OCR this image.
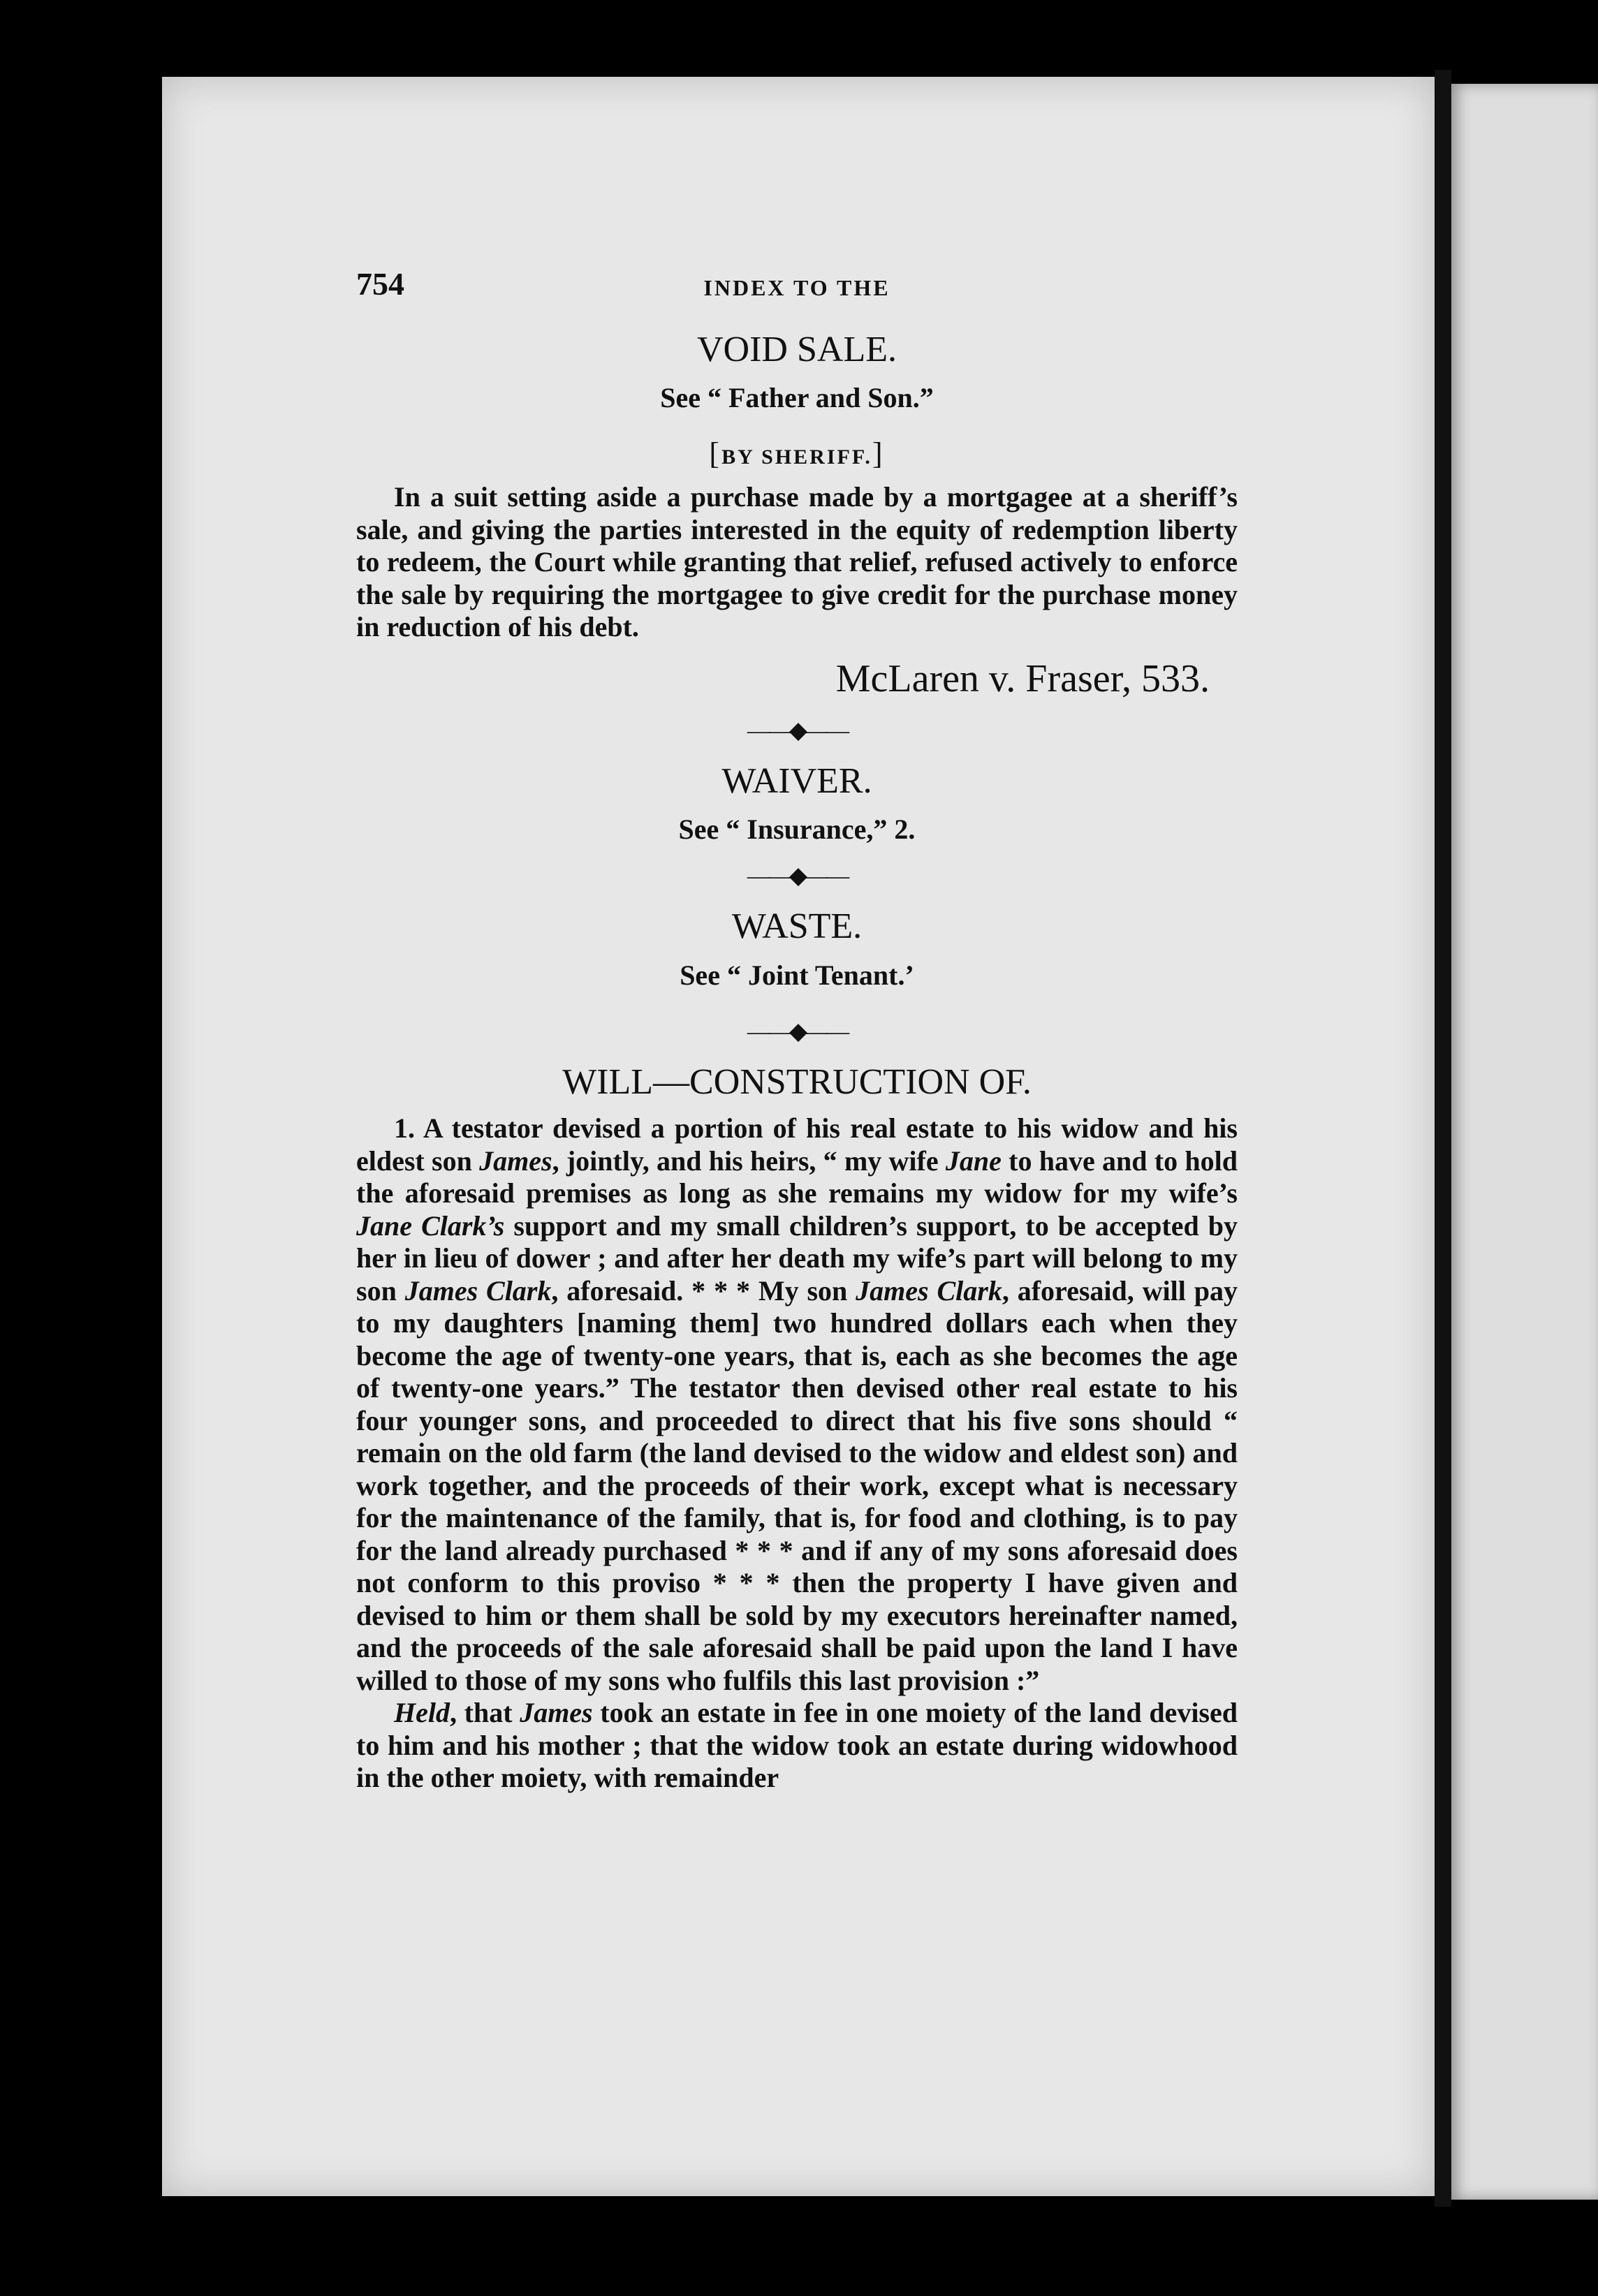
754	INDEX TO THE
VOID SALE.

See “ Father and Son.”

[BY SHERIFF.]

In a suit setting aside a purchase made by a mortgagee at a sheriff’s sale, and giving the parties interested in the equity of redemption liberty to redeem, the Court while granting that relief, refused actively to enforce the sale by requiring the mortgagee to give credit for the purchase money in reduction of his debt.

McLaren v. Fraser, 533.
——◆——
WAIVER.

See “ Insurance,” 2.

——◆——
WASTE.

See “ Joint Tenant.’

——◆——
WILL—CONSTRUCTION OF.

1. A testator devised a portion of his real estate to his widow and his eldest son James, jointly, and his heirs, “ my wife Jane to have and to hold the aforesaid premises as long as she remains my widow for my wife’s Jane Clark’s support and my small children’s support, to be accepted by her in lieu of dower ; and after her death my wife’s part will belong to my son James Clark, aforesaid. * * * My son James Clark, aforesaid, will pay to my daughters [naming them] two hundred dollars each when they become the age of twenty-one years, that is, each as she becomes the age of twenty-one years.” The testator then devised other real estate to his four younger sons, and proceeded to direct that his five sons should “ remain on the old farm (the land devised to the widow and eldest son) and work together, and the proceeds of their work, except what is necessary for the maintenance of the family, that is, for food and clothing, is to pay for the land already purchased * * * and if any of my sons aforesaid does not conform to this proviso * * * then the property I have given and devised to him or them shall be sold by my executors hereinafter named, and the proceeds of the sale aforesaid shall be paid upon the land I have willed to those of my sons who fulfils this last provision :”

Held, that James took an estate in fee in one moiety of the land devised to him and his mother ; that the widow took an estate during widowhood in the other moiety, with remainder
